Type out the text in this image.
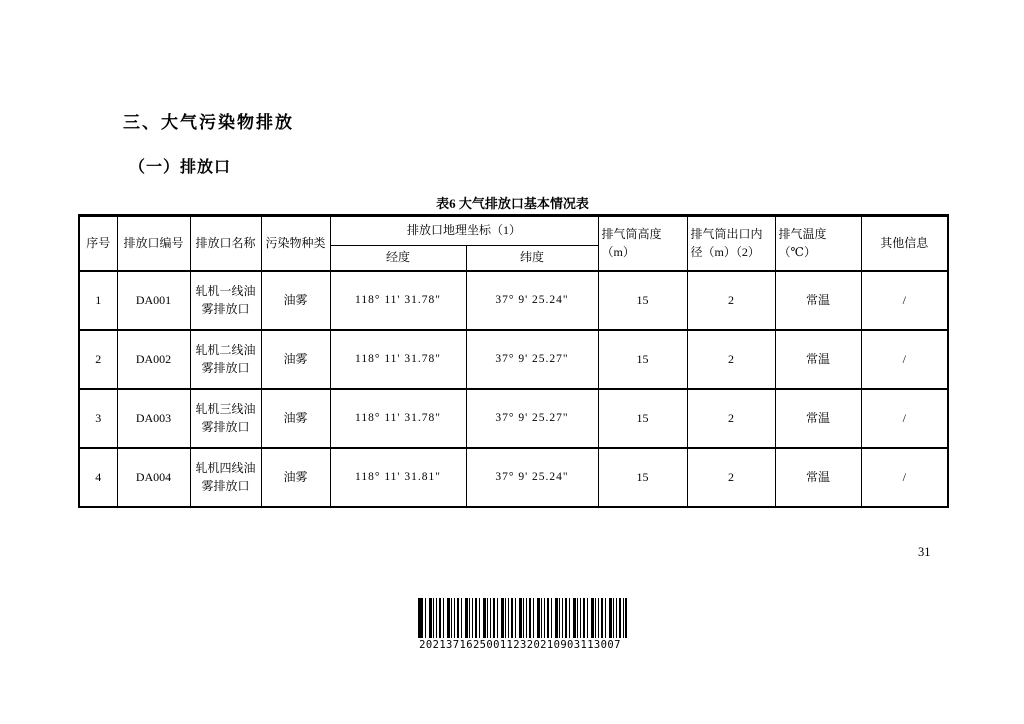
三、大气污染物排放
（一）排放口
表6 大气排放口基本情况表
序号	排放口编号	排放口名称	污染物种类	排放口地理坐标（1）		排气筒高度（m）	排气筒出口内径（m）（2）	排气温度（℃）	其他信息
				经度	纬度				
1	DA001	轧机一线油雾排放口	油雾	118° 11' 31.78"	37° 9' 25.24"	15	2	常温	/
2	DA002	轧机二线油雾排放口	油雾	118° 11' 31.78"	37° 9' 25.27"	15	2	常温	/
3	DA003	轧机三线油雾排放口	油雾	118° 11' 31.78"	37° 9' 25.27"	15	2	常温	/
4	DA004	轧机四线油雾排放口	油雾	118° 11' 31.81"	37° 9' 25.24"	15	2	常温	/
31
202137162500112320210903113007
